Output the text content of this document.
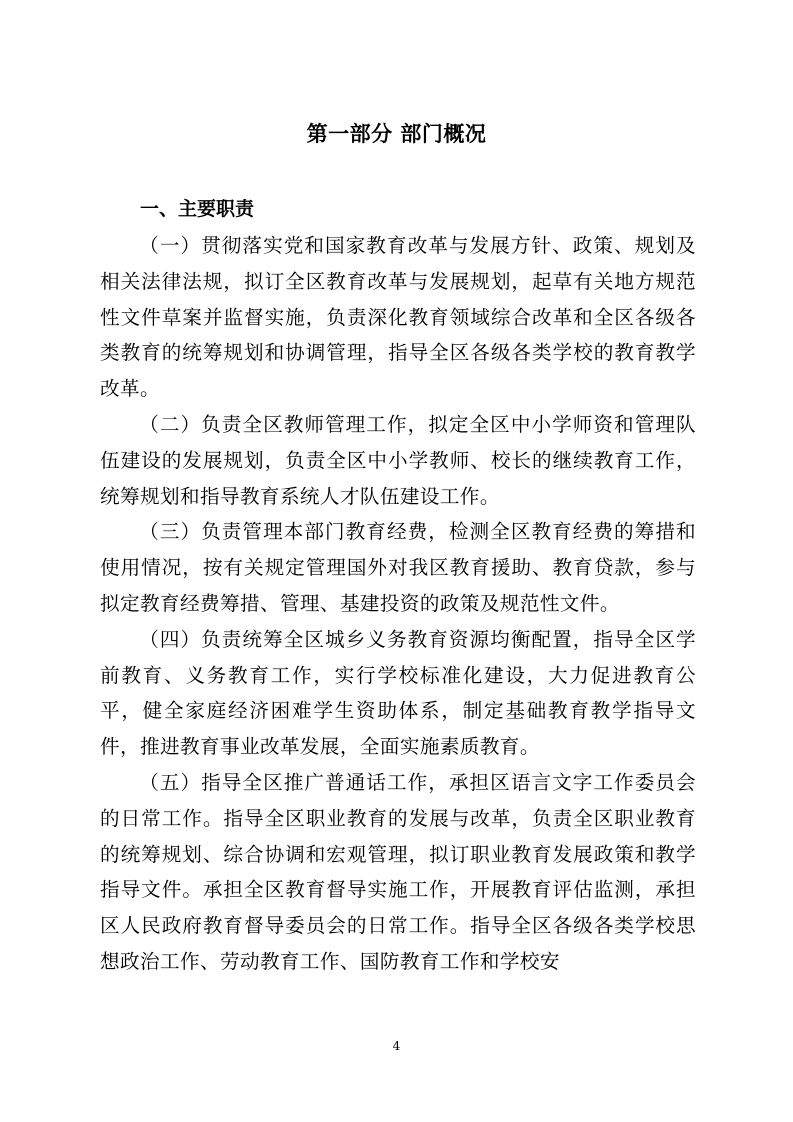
第一部分 部门概况
一、主要职责

（一）贯彻落实党和国家教育改革与发展方针、政策、规划及相关法律法规，拟订全区教育改革与发展规划，起草有关地方规范性文件草案并监督实施，负责深化教育领域综合改革和全区各级各类教育的统筹规划和协调管理，指导全区各级各类学校的教育教学改革。

（二）负责全区教师管理工作，拟定全区中小学师资和管理队伍建设的发展规划，负责全区中小学教师、校长的继续教育工作，统筹规划和指导教育系统人才队伍建设工作。

（三）负责管理本部门教育经费，检测全区教育经费的筹措和使用情况，按有关规定管理国外对我区教育援助、教育贷款，参与拟定教育经费筹措、管理、基建投资的政策及规范性文件。

（四）负责统筹全区城乡义务教育资源均衡配置，指导全区学前教育、义务教育工作，实行学校标准化建设，大力促进教育公平，健全家庭经济困难学生资助体系，制定基础教育教学指导文件，推进教育事业改革发展，全面实施素质教育。

（五）指导全区推广普通话工作，承担区语言文字工作委员会的日常工作。指导全区职业教育的发展与改革，负责全区职业教育的统筹规划、综合协调和宏观管理，拟订职业教育发展政策和教学指导文件。承担全区教育督导实施工作，开展教育评估监测，承担区人民政府教育督导委员会的日常工作。指导全区各级各类学校思想政治工作、劳动教育工作、国防教育工作和学校安

4
